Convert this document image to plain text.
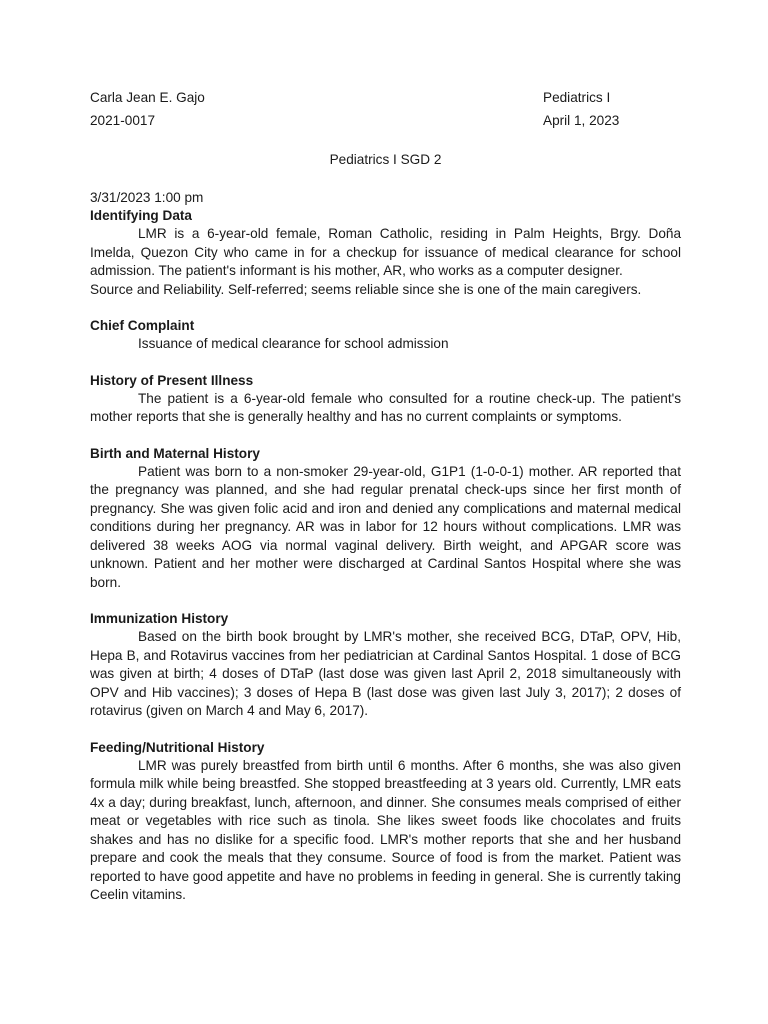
Carla Jean E. Gajo
2021-0017
Pediatrics I
April 1, 2023
Pediatrics I SGD 2
3/31/2023 1:00 pm
Identifying Data

LMR is a 6-year-old female, Roman Catholic, residing in Palm Heights, Brgy. Doña Imelda, Quezon City who came in for a checkup for issuance of medical clearance for school admission. The patient's informant is his mother, AR, who works as a computer designer.

Source and Reliability. Self-referred; seems reliable since she is one of the main caregivers.

Chief Complaint

Issuance of medical clearance for school admission

History of Present Illness

The patient is a 6-year-old female who consulted for a routine check-up. The patient's mother reports that she is generally healthy and has no current complaints or symptoms.

Birth and Maternal History

Patient was born to a non-smoker 29-year-old, G1P1 (1-0-0-1) mother. AR reported that the pregnancy was planned, and she had regular prenatal check-ups since her first month of pregnancy. She was given folic acid and iron and denied any complications and maternal medical conditions during her pregnancy. AR was in labor for 12 hours without complications. LMR was delivered 38 weeks AOG via normal vaginal delivery. Birth weight, and APGAR score was unknown. Patient and her mother were discharged at Cardinal Santos Hospital where she was born.

Immunization History

Based on the birth book brought by LMR's mother, she received BCG, DTaP, OPV, Hib, Hepa B, and Rotavirus vaccines from her pediatrician at Cardinal Santos Hospital. 1 dose of BCG was given at birth; 4 doses of DTaP (last dose was given last April 2, 2018 simultaneously with OPV and Hib vaccines); 3 doses of Hepa B (last dose was given last July 3, 2017); 2 doses of rotavirus (given on March 4 and May 6, 2017).

Feeding/Nutritional History

LMR was purely breastfed from birth until 6 months. After 6 months, she was also given formula milk while being breastfed. She stopped breastfeeding at 3 years old. Currently, LMR eats 4x a day; during breakfast, lunch, afternoon, and dinner. She consumes meals comprised of either meat or vegetables with rice such as tinola. She likes sweet foods like chocolates and fruits shakes and has no dislike for a specific food. LMR's mother reports that she and her husband prepare and cook the meals that they consume. Source of food is from the market. Patient was reported to have good appetite and have no problems in feeding in general. She is currently taking Ceelin vitamins.
